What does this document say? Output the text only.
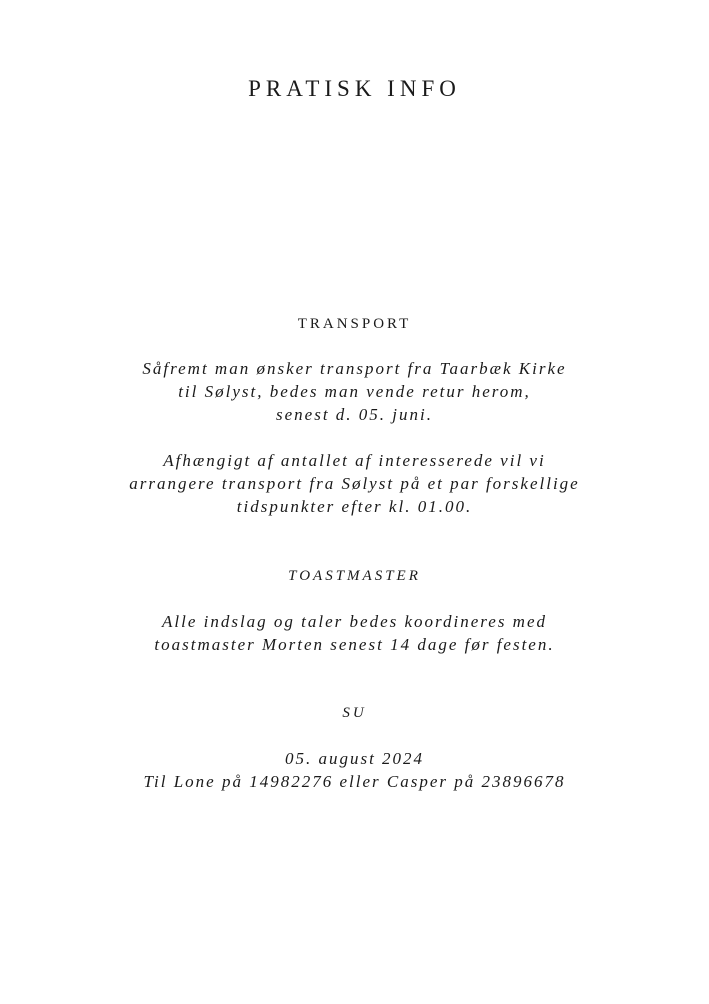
PRATISK INFO
TRANSPORT

Såfremt man ønsker transport fra Taarbæk Kirke
til Sølyst, bedes man vende retur herom,
senest d. 05. juni.

Afhængigt af antallet af interesserede vil vi
arrangere transport fra Sølyst på et par forskellige
tidspunkter efter kl. 01.00.

TOASTMASTER

Alle indslag og taler bedes koordineres med
toastmaster Morten senest 14 dage før festen.

SU

05. august 2024
Til Lone på 14982276 eller Casper på 23896678
